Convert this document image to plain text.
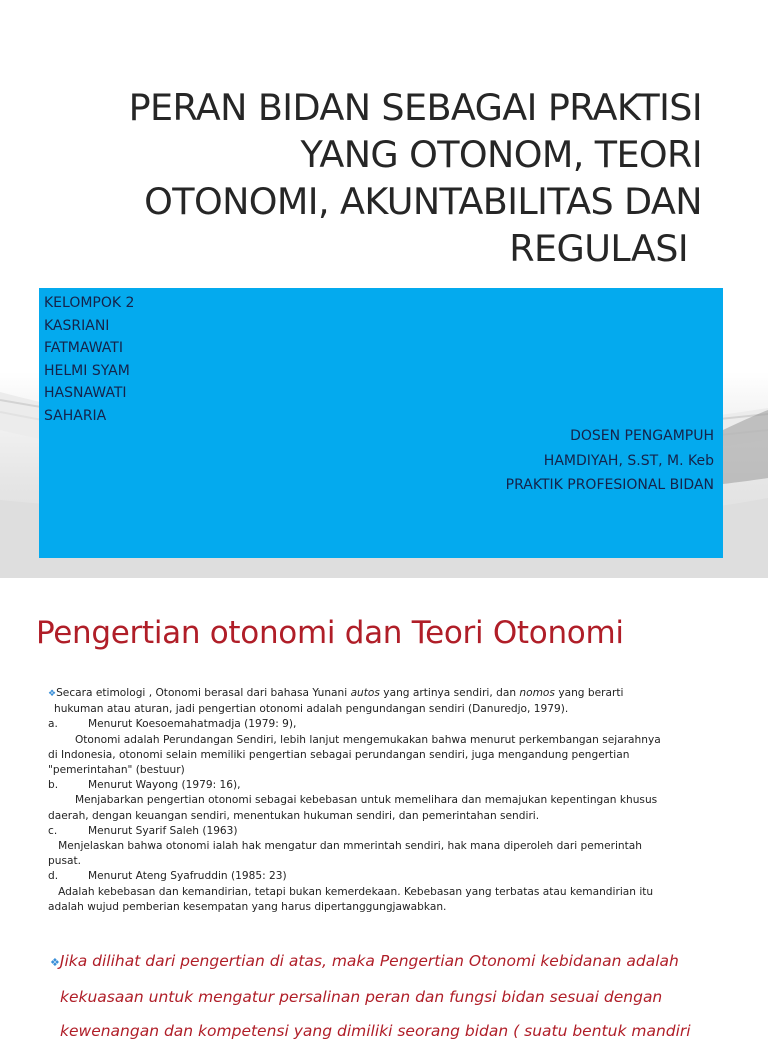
PERAN BIDAN SEBAGAI PRAKTISI
YANG OTONOM, TEORI
OTONOMI, AKUNTABILITAS DAN
REGULASI
KELOMPOK 2
KASRIANI
FATMAWATI
HELMI SYAM
HASNAWATI
SAHARIA
DOSEN PENGAMPUH
HAMDIYAH, S.ST, M. Keb
PRAKTIK PROFESIONAL BIDAN
Pengertian otonomi dan Teori Otonomi

❖Secara etimologi , Otonomi berasal dari bahasa Yunani autos yang artinya sendiri, dan nomos yang berarti

hukuman atau aturan, jadi pengertian otonomi adalah pengundangan sendiri (Danuredjo, 1979).

a.	Menurut Koesoemahatmadja (1979: 9),

Otonomi adalah Perundangan Sendiri, lebih lanjut mengemukakan bahwa menurut perkembangan sejarahnya

di Indonesia, otonomi selain memiliki pengertian sebagai perundangan sendiri, juga mengandung pengertian

"pemerintahan" (bestuur)

b.	Menurut Wayong (1979: 16),

Menjabarkan pengertian otonomi sebagai kebebasan untuk memelihara dan memajukan kepentingan khusus

daerah, dengan keuangan sendiri, menentukan hukuman sendiri, dan pemerintahan sendiri.

c.	Menurut Syarif Saleh (1963)

Menjelaskan bahwa otonomi ialah hak mengatur dan mmerintah sendiri, hak mana diperoleh dari pemerintah

pusat.

d.	Menurut Ateng Syafruddin (1985: 23)

Adalah kebebasan dan kemandirian, tetapi bukan kemerdekaan. Kebebasan yang terbatas atau kemandirian itu

adalah wujud pemberian kesempatan yang harus dipertanggungjawabkan.

❖Jika dilihat dari pengertian di atas, maka Pengertian Otonomi kebidanan adalah
kekuasaan untuk mengatur persalinan peran dan fungsi bidan sesuai dengan
kewenangan dan kompetensi yang dimiliki seorang bidan ( suatu bentuk mandiri
